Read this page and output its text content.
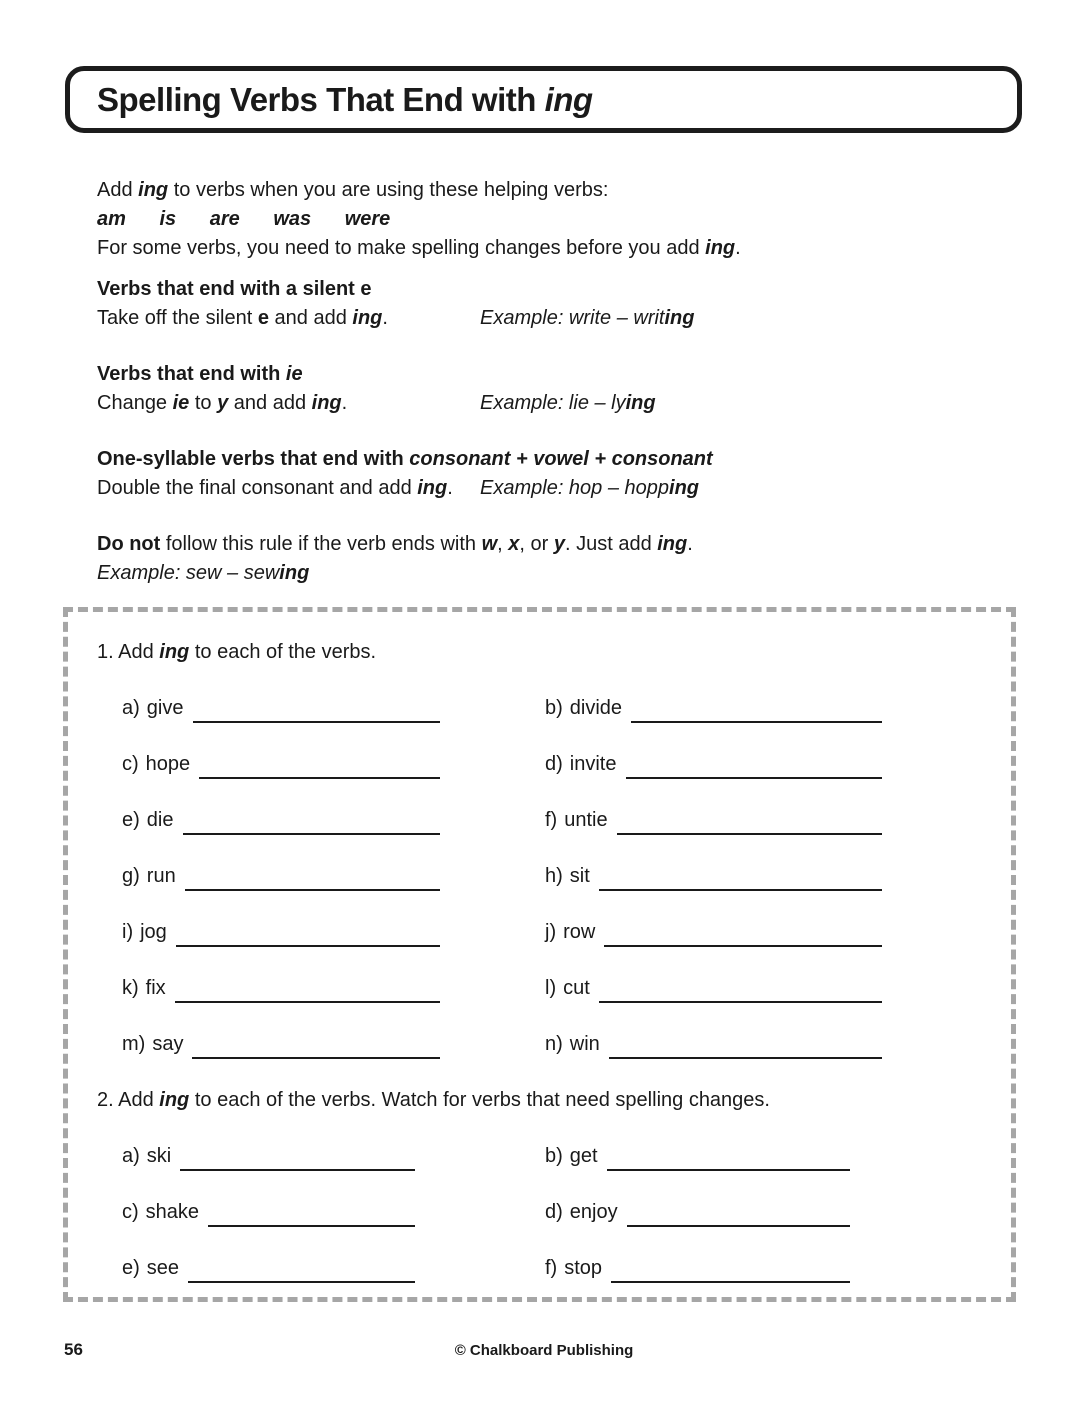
Spelling Verbs That End with ing

Add ing to verbs when you are using these helping verbs:

am is are was were

For some verbs, you need to make spelling changes before you add ing.

Verbs that end with a silent e

Take off the silent e and add ing.	Example: write – writing

Verbs that end with ie

Change ie to y and add ing.	Example: lie – lying

One-syllable verbs that end with consonant + vowel + consonant

Double the final consonant and add ing.	Example: hop – hopping

Do not follow this rule if the verb ends with w, x, or y. Just add ing.

Example: sew – sewing

1. Add ing to each of the verbs.

a) give	b) divide
c) hope	d) invite
e) die	f) untie
g) run	h) sit
i) jog	j) row
k) fix	l) cut
m) say	n) win

2. Add ing to each of the verbs. Watch for verbs that need spelling changes.

a) ski	b) get
c) shake	d) enjoy
e) see	f) stop
56	© Chalkboard Publishing
